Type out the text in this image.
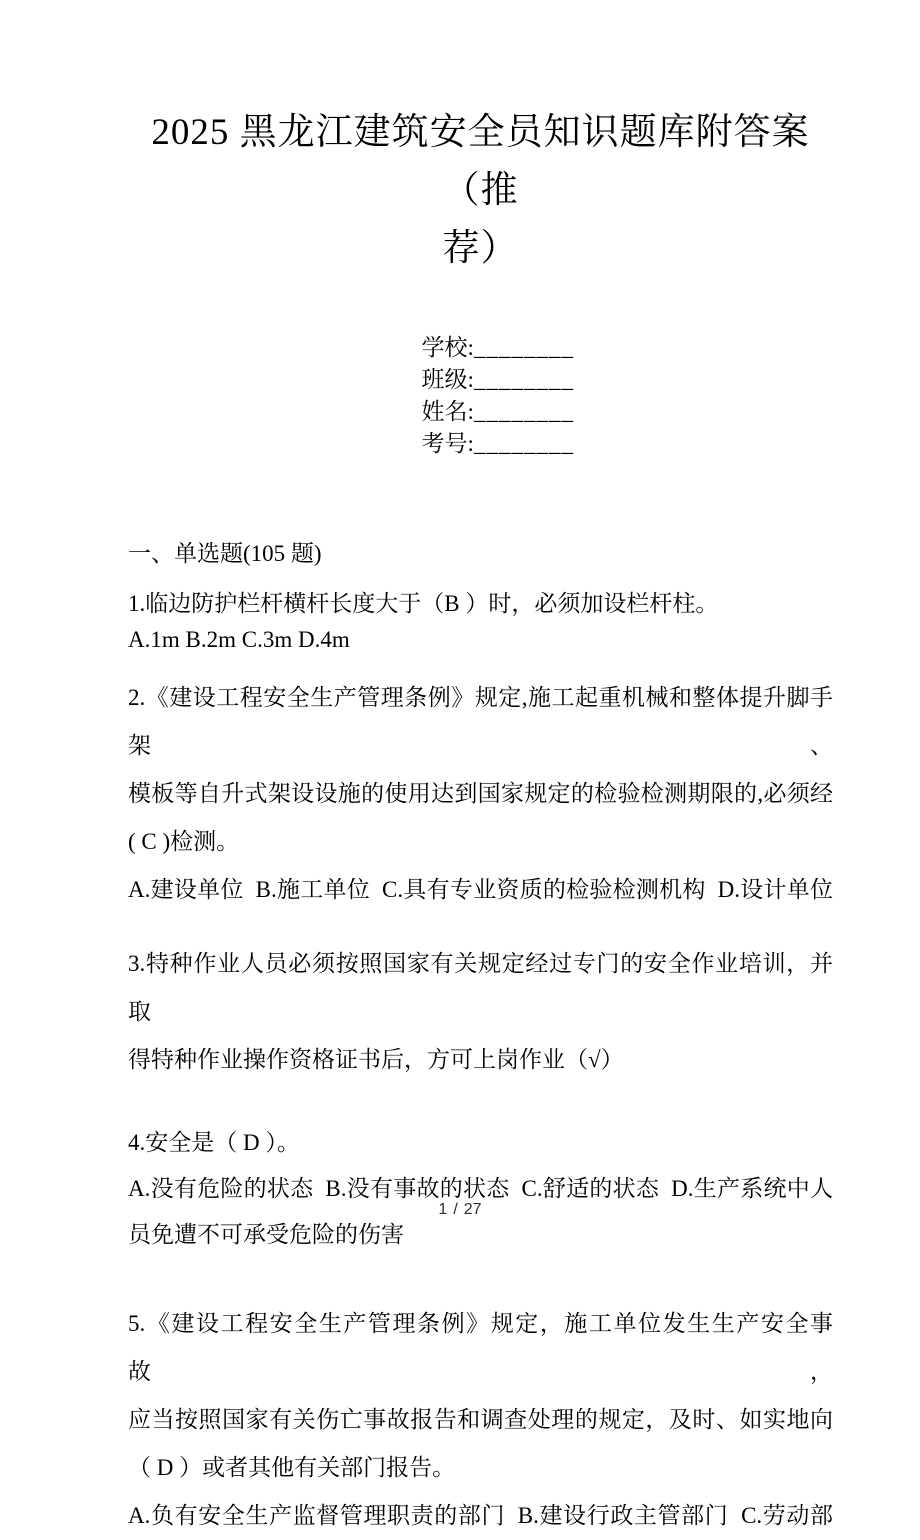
2025 黑龙江建筑安全员知识题库附答案（推
荐）

学校:________
班级:________
姓名:________
考号:________

一、单选题(105 题)
1.临边防护栏杆横杆长度大于（B ）时，必须加设栏杆柱。
A.1m B.2m C.3m D.4m
2.《建设工程安全生产管理条例》规定,施工起重机械和整体提升脚手架、
模板等自升式架设设施的使用达到国家规定的检验检测期限的,必须经
( C )检测。
A.建设单位  B.施工单位  C.具有专业资质的检验检测机构  D.设计单位
3.特种作业人员必须按照国家有关规定经过专门的安全作业培训，并取
得特种作业操作资格证书后，方可上岗作业（√）
4.安全是（ D ）。
A.没有危险的状态  B.没有事故的状态  C.舒适的状态  D.生产系统中人
员免遭不可承受危险的伤害
5.《建设工程安全生产管理条例》规定，施工单位发生生产安全事故，
应当按照国家有关伤亡事故报告和调查处理的规定，及时、如实地向
（ D ）或者其他有关部门报告。
A.负有安全生产监督管理职责的部门  B.建设行政主管部门  C.劳动部
1 / 27
